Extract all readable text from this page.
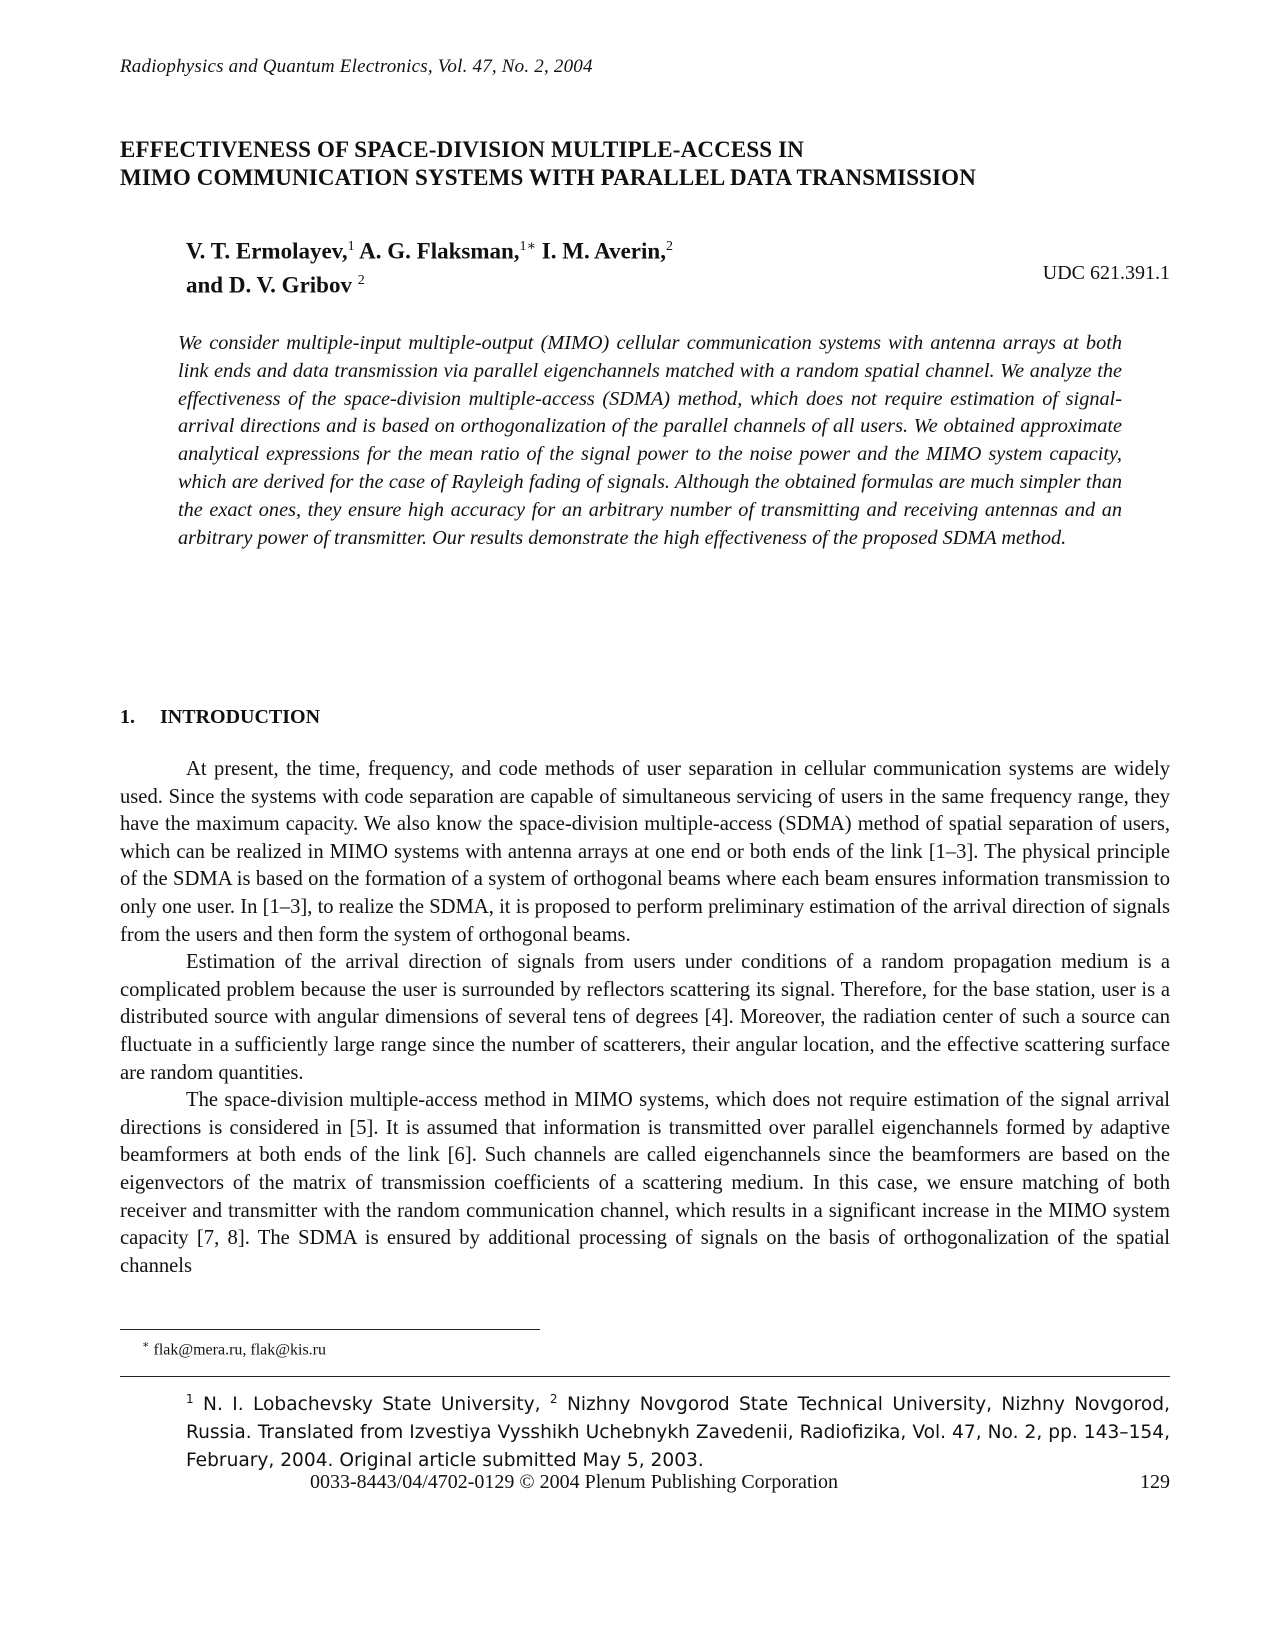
Radiophysics and Quantum Electronics, Vol. 47, No. 2, 2004
EFFECTIVENESS OF SPACE-DIVISION MULTIPLE-ACCESS IN
MIMO COMMUNICATION SYSTEMS WITH PARALLEL DATA TRANSMISSION
V. T. Ermolayev,$^1$ A. G. Flaksman,$^{1∗}$ I. M. Averin,$^2$
and D. V. Gribov $^2$	UDC 621.391.1
We consider multiple-input multiple-output (MIMO) cellular communication systems with antenna arrays at both link ends and data transmission via parallel eigenchannels matched with a random spatial channel. We analyze the effectiveness of the space-division multiple-access (SDMA) method, which does not require estimation of signal-arrival directions and is based on orthogonalization of the parallel channels of all users. We obtained approximate analytical expressions for the mean ratio of the signal power to the noise power and the MIMO system capacity, which are derived for the case of Rayleigh fading of signals. Although the obtained formulas are much simpler than the exact ones, they ensure high accuracy for an arbitrary number of transmitting and receiving antennas and an arbitrary power of transmitter. Our results demonstrate the high effectiveness of the proposed SDMA method.
1. INTRODUCTION

At present, the time, frequency, and code methods of user separation in cellular communication systems are widely used. Since the systems with code separation are capable of simultaneous servicing of users in the same frequency range, they have the maximum capacity. We also know the space-division multiple-access (SDMA) method of spatial separation of users, which can be realized in MIMO systems with antenna arrays at one end or both ends of the link [1–3]. The physical principle of the SDMA is based on the formation of a system of orthogonal beams where each beam ensures information transmission to only one user. In [1–3], to realize the SDMA, it is proposed to perform preliminary estimation of the arrival direction of signals from the users and then form the system of orthogonal beams.

Estimation of the arrival direction of signals from users under conditions of a random propagation medium is a complicated problem because the user is surrounded by reflectors scattering its signal. Therefore, for the base station, user is a distributed source with angular dimensions of several tens of degrees [4]. Moreover, the radiation center of such a source can fluctuate in a sufficiently large range since the number of scatterers, their angular location, and the effective scattering surface are random quantities.

The space-division multiple-access method in MIMO systems, which does not require estimation of the signal arrival directions is considered in [5]. It is assumed that information is transmitted over parallel eigenchannels formed by adaptive beamformers at both ends of the link [6]. Such channels are called eigenchannels since the beamformers are based on the eigenvectors of the matrix of transmission coefficients of a scattering medium. In this case, we ensure matching of both receiver and transmitter with the random communication channel, which results in a significant increase in the MIMO system capacity [7, 8]. The SDMA is ensured by additional processing of signals on the basis of orthogonalization of the spatial channels

∗ flak@mera.ru, flak@kis.ru
$^1$ N. I. Lobachevsky State University, $^2$ Nizhny Novgorod State Technical University, Nizhny Novgorod, Russia. Translated from Izvestiya Vysshikh Uchebnykh Zavedenii, Radiofizika, Vol. 47, No. 2, pp. 143–154, February, 2004. Original article submitted May 5, 2003.
0033-8443/04/4702-0129 © 2004 Plenum Publishing Corporation	129
